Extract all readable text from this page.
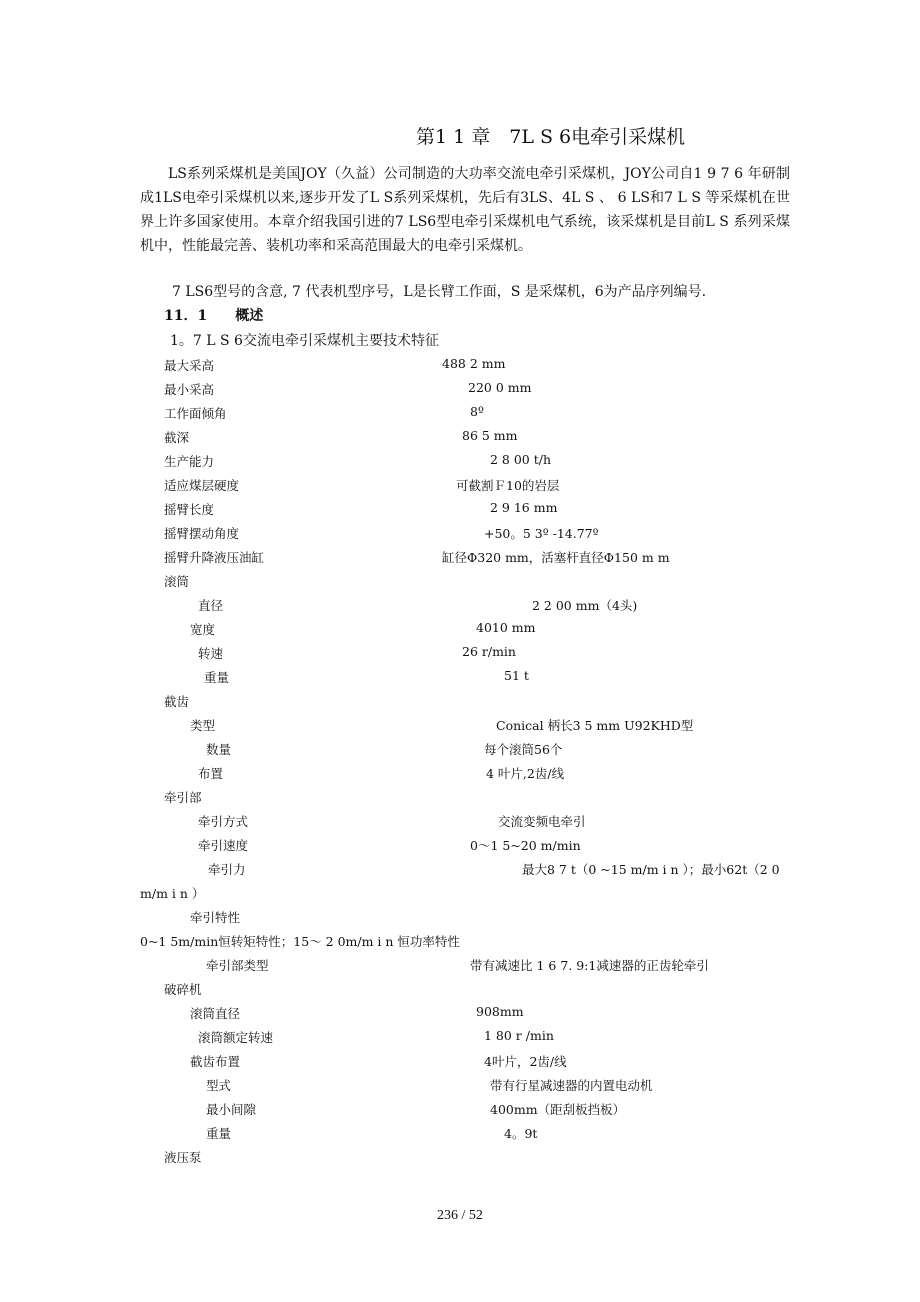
第1 1 章　7L S 6电牵引采煤机
LS系列采煤机是美国JOY（久益）公司制造的大功率交流电牵引采煤机，JOY公司自1 9 7 6 年研制成1LS电牵引采煤机以来,逐步开发了L S系列采煤机，先后有3LS、4L S 、 6 LS和7 L S 等采煤机在世界上许多国家使用。本章介绍我国引进的7 LS6型电牵引采煤机电气系统，该采煤机是目前L S 系列采煤机中，性能最完善、装机功率和采高范围最大的电牵引采煤机。
7 LS6型号的含意, 7 代表机型序号，L是长臂工作面，S 是采煤机，6为产品序列编号.
11．1　　概述
1。7 L S 6交流电牵引采煤机主要技术特征
最大采高	488 2 mm
最小采高	220 0 mm
工作面倾角	8º
截深	86 5 mm
生产能力	2 8 00 t/h
适应煤层硬度	可截割Ｆ10的岩层
摇臂长度	2 9 16 mm
摇臂摆动角度	+50。5 3º -14.77º
摇臂升降液压油缸	缸径Φ320 mm，活塞杆直径Φ150 m m
滚筒
直径	2 2 00 mm（4头)
宽度	4010 mm
转速	26 r/min
重量	51 t
截齿
类型	Conical 柄长3 5 mm U92KHD型
数量	每个滚筒56个
布置	4 叶片,2齿/线
牵引部
牵引方式	交流变频电牵引
牵引速度	0～1 5~20 m/min
牵引力	最大8 7 t（0 ~15 m/m i n ）；最小62t（2 0
m/m i n ）
牵引特性
0~1 5m/min恒转矩特性；15～ 2 0m/m i n 恒功率特性
牵引部类型	带有减速比 1 6 7. 9:1减速器的正齿轮牵引
破碎机
滚筒直径	908mm
滚筒额定转速	1 80 r /min
截齿布置	4叶片，2齿/线
型式	带有行星减速器的内置电动机
最小间隙	400mm（距刮板挡板）
重量	4。9t
液压泵
236 / 52
